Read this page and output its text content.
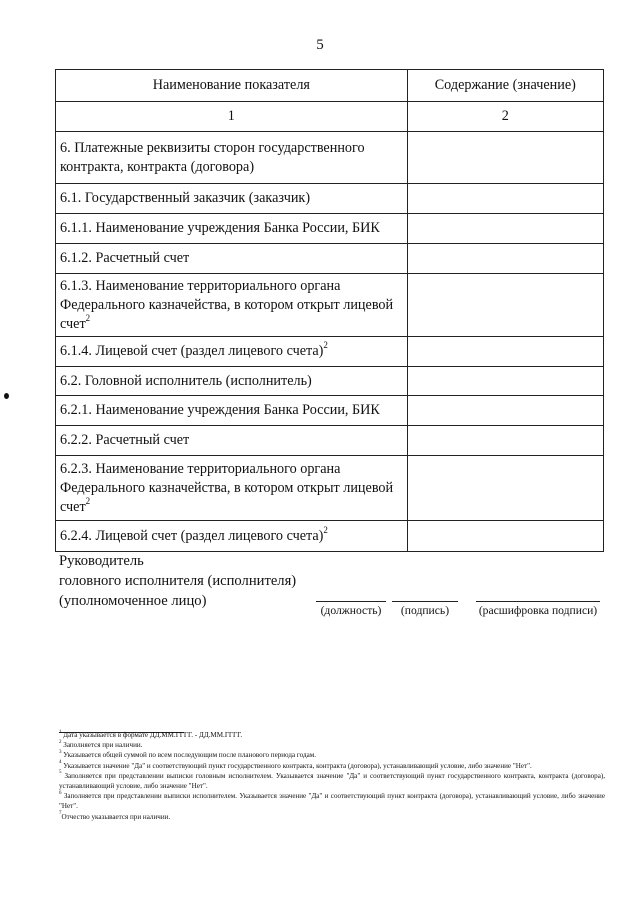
5
Наименование показателя	Содержание (значение)
1	2
6. Платежные реквизиты сторон государственного контракта, контракта (договора)	
6.1. Государственный заказчик (заказчик)	
6.1.1. Наименование учреждения Банка России, БИК	
6.1.2. Расчетный счет	
6.1.3. Наименование территориального органа Федерального казначейства, в котором открыт лицевой счет$^2$	
6.1.4. Лицевой счет (раздел лицевого счета)$^2$	
6.2. Головной исполнитель (исполнитель)	
6.2.1. Наименование учреждения Банка России, БИК	
6.2.2. Расчетный счет	
6.2.3. Наименование территориального органа Федерального казначейства, в котором открыт лицевой счет$^2$	
6.2.4. Лицевой счет (раздел лицевого счета)$^2$	
Руководитель
головного исполнителя (исполнителя)
(уполномоченное лицо)
(должность)	(подпись)	(расшифровка подписи)

$^1$ Дата указывается в формате ДД.ММ.ГГГГ. - ДД.ММ.ГГГГ.

$^2$ Заполняется при наличии.

$^3$ Указывается общей суммой по всем последующим после планового периода годам.

$^4$ Указывается значение "Да" и соответствующий пункт государственного контракта, контракта (договора), устанавливающий условие, либо значение "Нет".

$^5$ Заполняется при представлении выписки головным исполнителем. Указывается значение "Да" и соответствующий пункт государственного контракта, контракта (договора), устанавливающий условие, либо значение "Нет".

$^6$ Заполняется при представлении выписки исполнителем. Указывается значение "Да" и соответствующий пункт контракта (договора), устанавливающий условие, либо значение "Нет".

$^7$Отчество указывается при наличии.
